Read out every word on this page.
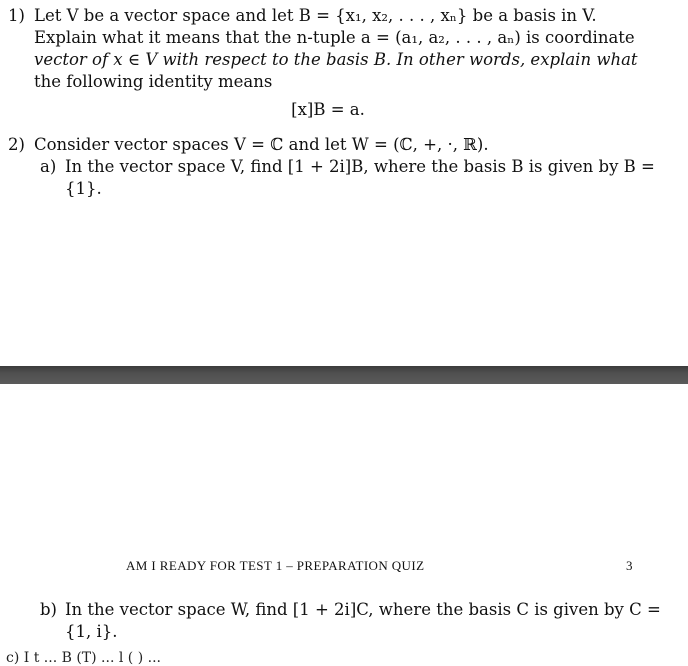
1) Let V be a vector space and let B = {x₁, x₂, . . . , xₙ} be a basis in V.
Explain what it means that the n-tuple a = (a₁, a₂, . . . , aₙ) is coordinate
vector of x ∈ V with respect to the basis B. In other words, explain what
the following identity means
[x]B = a.
2) Consider vector spaces V = ℂ and let W = (ℂ, +, ·, ℝ).
a) In the vector space V, find [1 + 2i]B, where the basis B is given by B =
{1}.
AM I READY FOR TEST 1 – PREPARATION QUIZ	3
b) In the vector space W, find [1 + 2i]C, where the basis C is given by C =
{1, i}.
c) I t ... B (T) ... l ( ) ...
